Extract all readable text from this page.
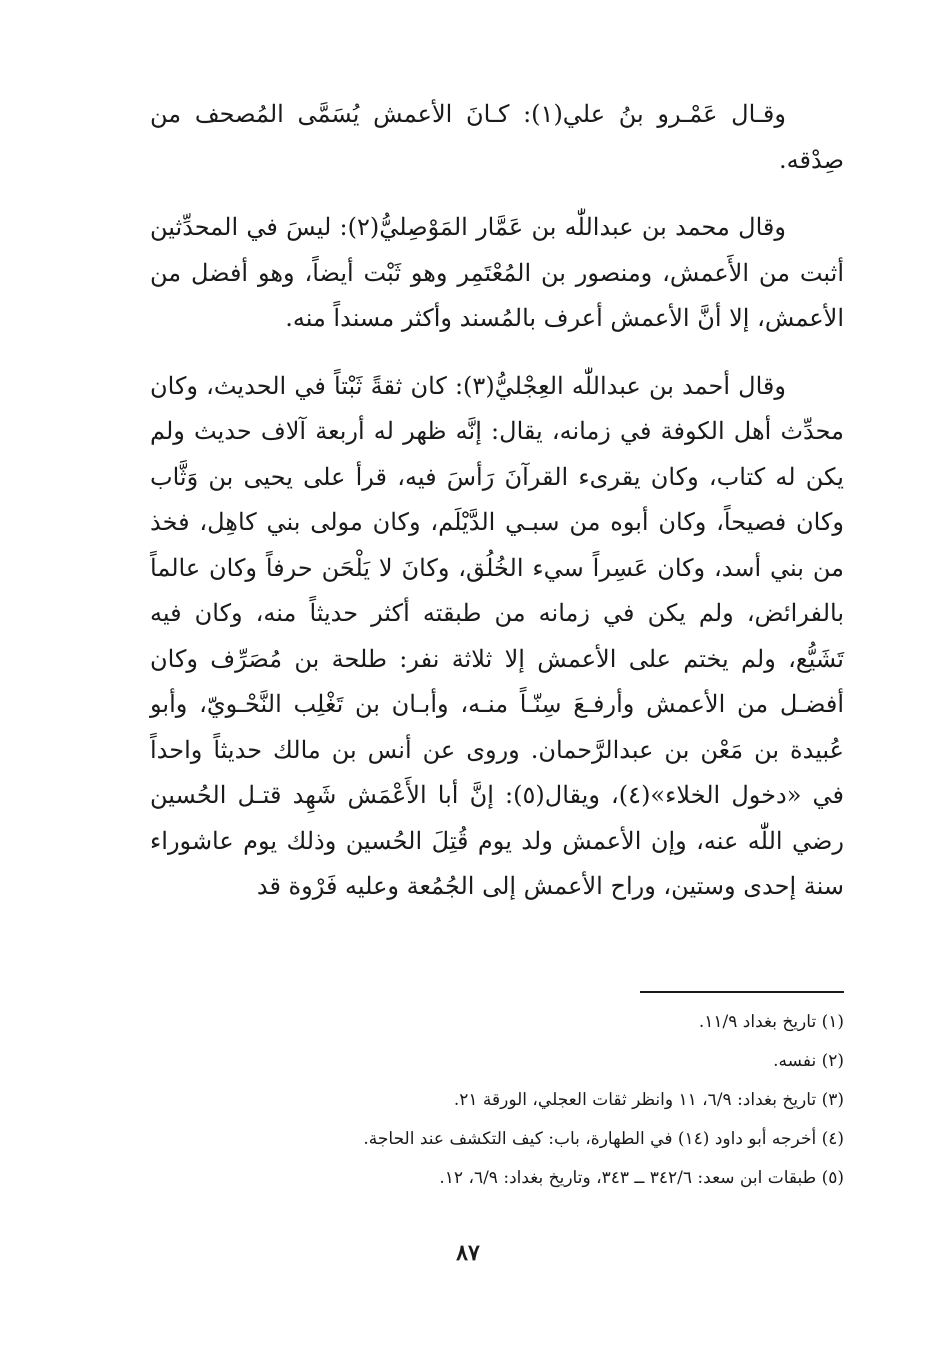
وقـال عَمْـرو بنُ علي(١): كـانَ الأعمش يُسَمَّى المُصحف من صِدْقه.

وقال محمد بن عبداللّٰه بن عَمَّار المَوْصِليُّ(٢): ليسَ في المحدِّثين أثبت من الأَعمش، ومنصور بن المُعْتَمِر وهو ثَبْت أيضاً، وهو أفضل من الأعمش، إلا أنَّ الأعمش أعرف بالمُسند وأكثر مسنداً منه.

وقال أحمد بن عبداللّٰه العِجْليُّ(٣): كان ثقةً ثَبْتاً في الحديث، وكان محدِّث أهل الكوفة في زمانه، يقال: إنَّه ظهر له أربعة آلاف حديث ولم يكن له كتاب، وكان يقرىء القرآنَ رَأسَ فيه، قرأ على يحيى بن وَثَّاب وكان فصيحاً، وكان أبوه من سبـي الدَّيْلَم، وكان مولى بني كاهِل، فخذ من بني أسد، وكان عَسِراً سيء الخُلُق، وكانَ لا يَلْحَن حرفاً وكان عالماً بالفرائض، ولم يكن في زمانه من طبقته أكثر حديثاً منه، وكان فيه تَشَيُّع، ولم يختم على الأعمش إلا ثلاثة نفر: طلحة بن مُصَرِّف وكان أفضـل من الأعمش وأرفـعَ سِنّـاً منـه، وأبـان بن تَغْلِب النَّحْـويّ، وأبو عُبيدة بن مَعْن بن عبدالرَّحمان. وروى عن أنس بن مالك حديثاً واحداً في «دخول الخلاء»(٤)، ويقال(٥): إنَّ أبا الأَعْمَش شَهِد قتـل الحُسين رضي اللّٰه عنه، وإن الأعمش ولد يوم قُتِلَ الحُسين وذلك يوم عاشوراء سنة إحدى وستين، وراح الأعمش إلى الجُمُعة وعليه فَرْوة قد

(١) تاريخ بغداد ١١/٩.

(٢) نفسه.

(٣) تاريخ بغداد: ٦/٩، ١١ وانظر ثقات العجلي، الورقة ٢١.

(٤) أخرجه أبو داود (١٤) في الطهارة، باب: كيف التكشف عند الحاجة.

(٥) طبقات ابن سعد: ٣٤٢/٦ ــ ٣٤٣، وتاريخ بغداد: ٦/٩، ١٢.

٨٧
